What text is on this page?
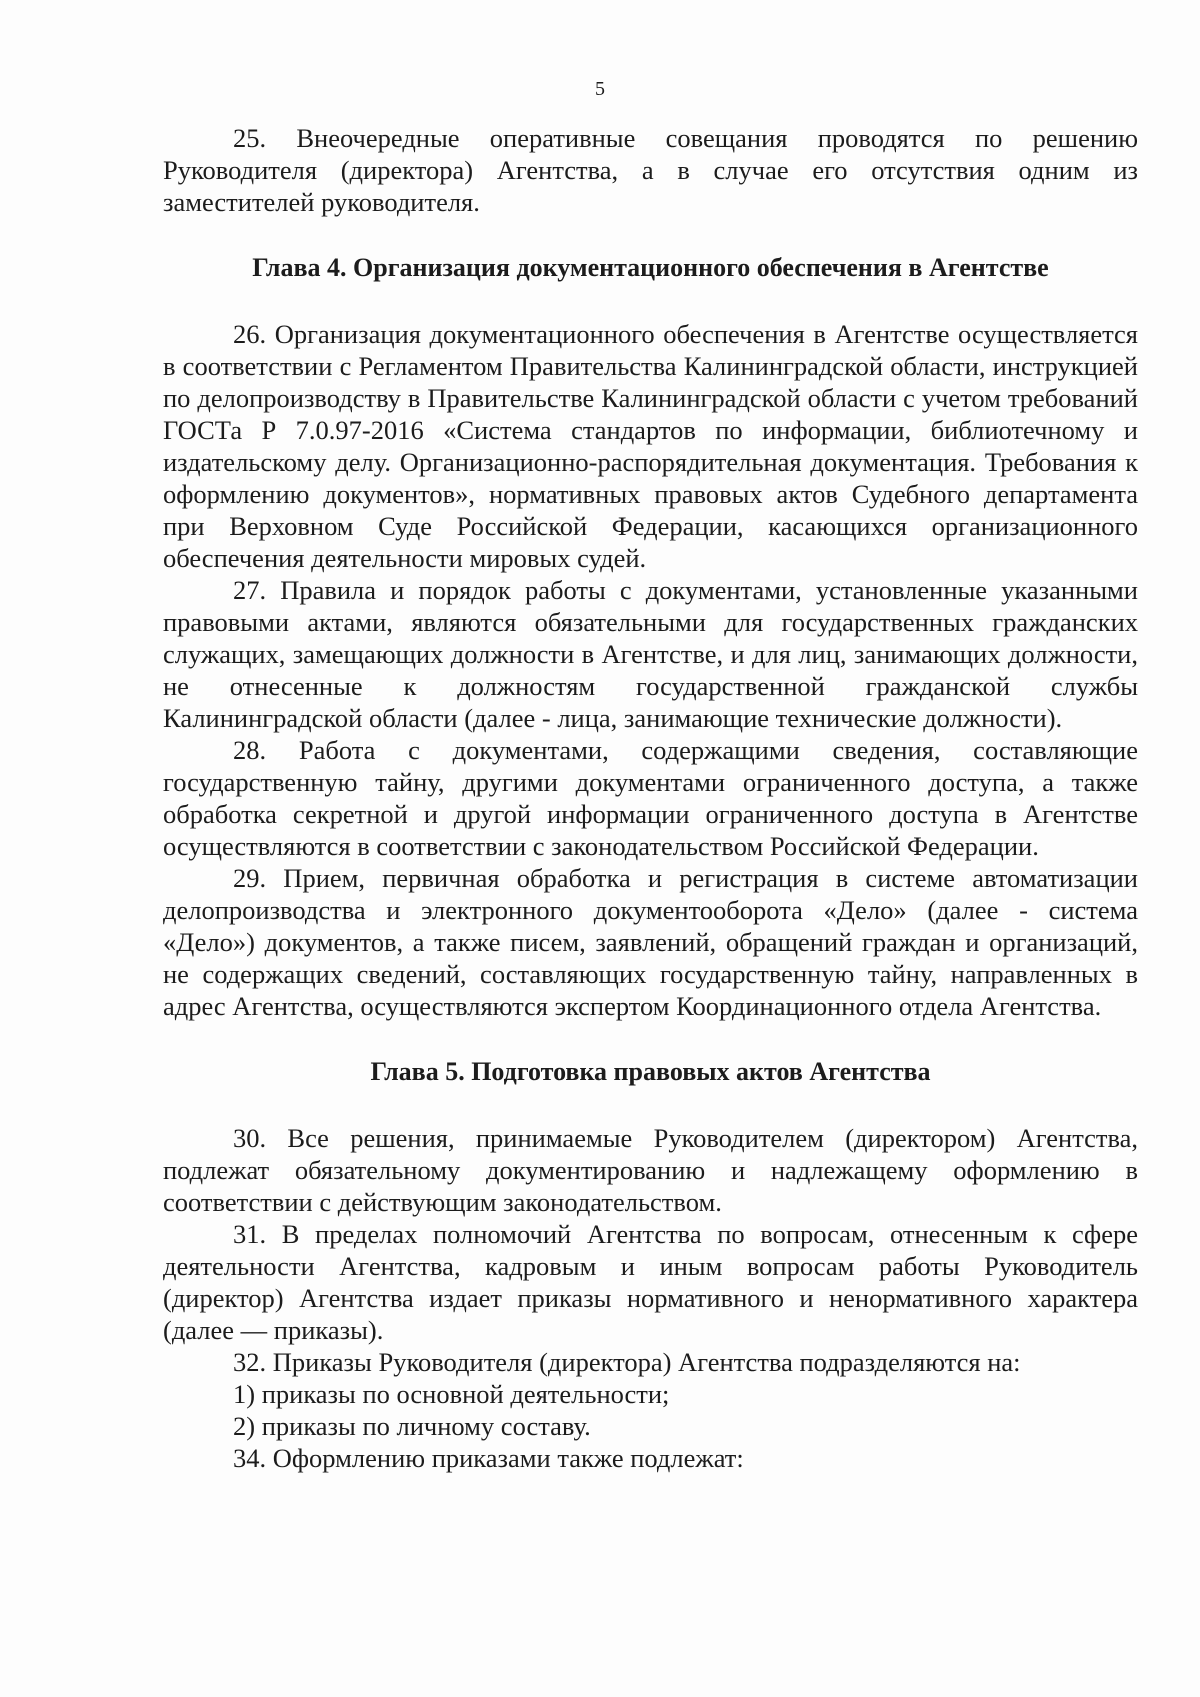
5

25. Внеочередные оперативные совещания проводятся по решению Руководителя (директора) Агентства, а в случае его отсутствия одним из заместителей руководителя.

Глава 4. Организация документационного обеспечения в Агентстве

26. Организация документационного обеспечения в Агентстве осуществляется в соответствии с Регламентом Правительства Калининградской области, инструкцией по делопроизводству в Правительстве Калининградской области с учетом требований ГОСТа Р 7.0.97-2016 «Система стандартов по информации, библиотечному и издательскому делу. Организационно-распорядительная документация. Требования к оформлению документов», нормативных правовых актов Судебного департамента при Верховном Суде Российской Федерации, касающихся организационного обеспечения деятельности мировых судей.

27. Правила и порядок работы с документами, установленные указанными правовыми актами, являются обязательными для государственных гражданских служащих, замещающих должности в Агентстве, и для лиц, занимающих должности, не отнесенные к должностям государственной гражданской службы Калининградской области (далее - лица, занимающие технические должности).

28. Работа с документами, содержащими сведения, составляющие государственную тайну, другими документами ограниченного доступа, а также обработка секретной и другой информации ограниченного доступа в Агентстве осуществляются в соответствии с законодательством Российской Федерации.

29. Прием, первичная обработка и регистрация в системе автоматизации делопроизводства и электронного документооборота «Дело» (далее - система «Дело») документов, а также писем, заявлений, обращений граждан и организаций, не содержащих сведений, составляющих государственную тайну, направленных в адрес Агентства, осуществляются экспертом Координационного отдела Агентства.

Глава 5. Подготовка правовых актов Агентства

30. Все решения, принимаемые Руководителем (директором) Агентства, подлежат обязательному документированию и надлежащему оформлению в соответствии с действующим законодательством.

31. В пределах полномочий Агентства по вопросам, отнесенным к сфере деятельности Агентства, кадровым и иным вопросам работы Руководитель (директор) Агентства издает приказы нормативного и ненормативного характера (далее — приказы).

32. Приказы Руководителя (директора) Агентства подразделяются на:

1) приказы по основной деятельности;

2) приказы по личному составу.

34. Оформлению приказами также подлежат:
